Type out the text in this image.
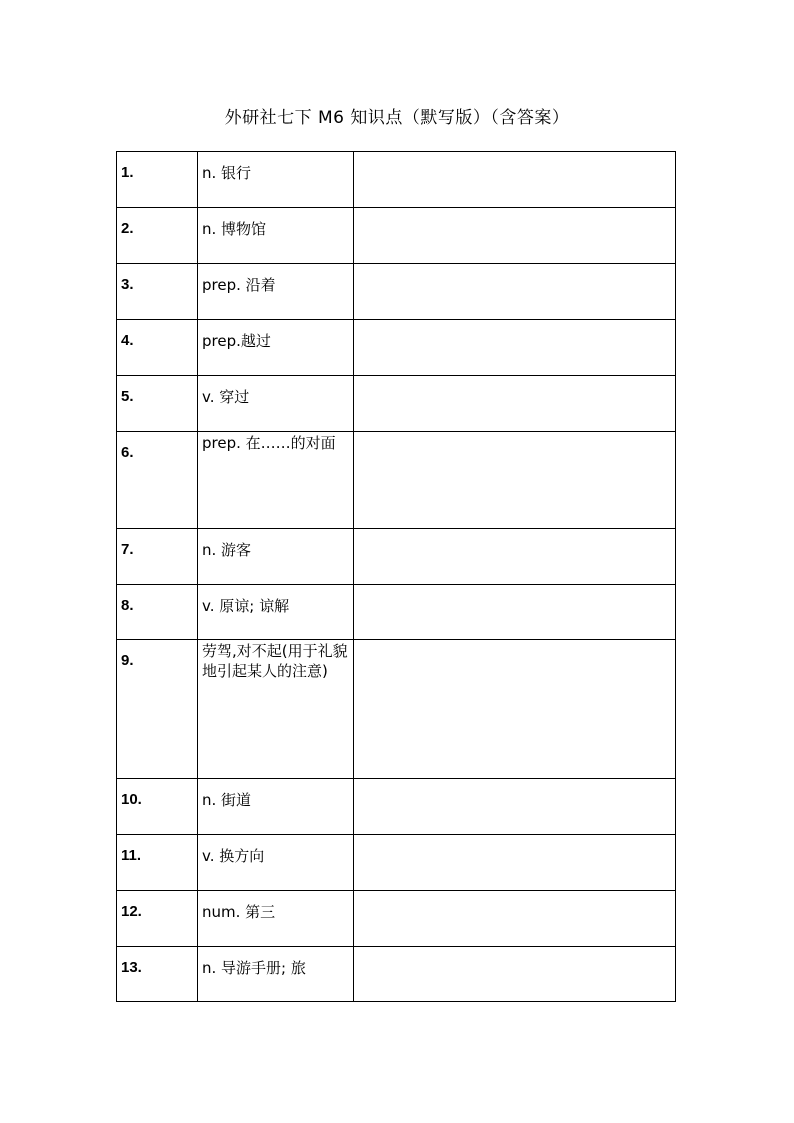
外研社七下 M6 知识点（默写版）（含答案）
1.	n. 银行	
2.	n. 博物馆	
3.	prep. 沿着	
4.	prep.越过	
5.	v. 穿过	
6.	prep. 在……的对面	
7.	n. 游客	
8.	v. 原谅; 谅解	
9.	劳驾,对不起(用于礼貌地引起某人的注意)	
10.	n. 街道	
11.	v. 换方向	
12.	num. 第三	
13.	n. 导游手册; 旅	
